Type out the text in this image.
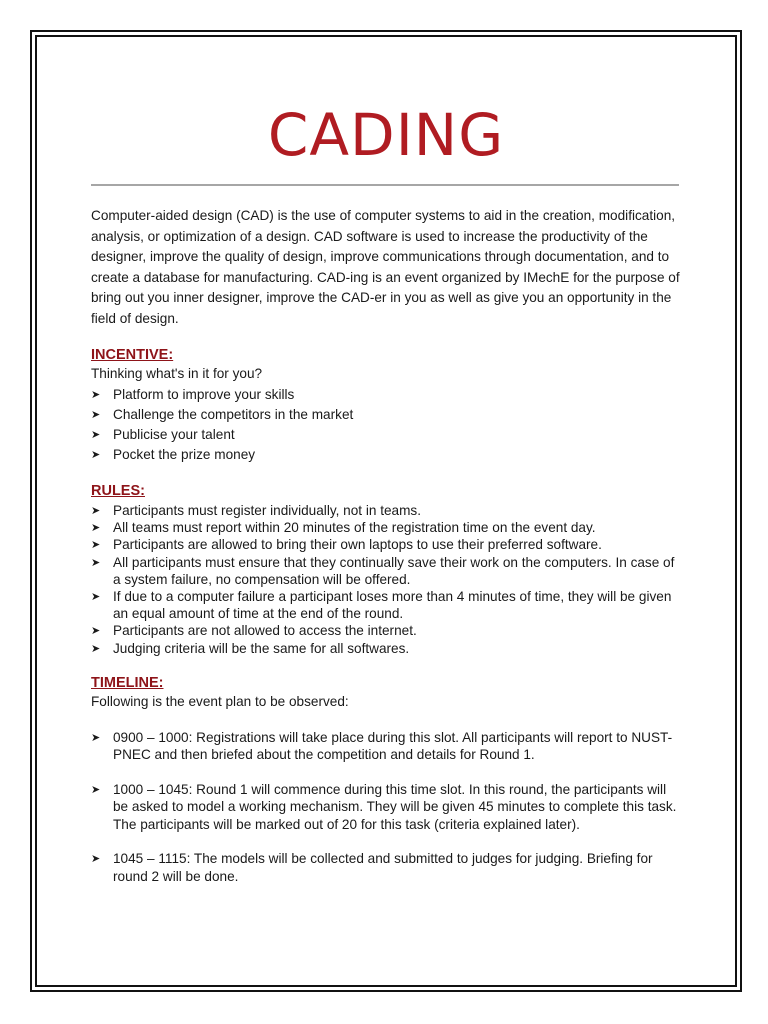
CADING

Computer-aided design (CAD) is the use of computer systems to aid in the creation, modification, analysis, or optimization of a design. CAD software is used to increase the productivity of the designer, improve the quality of design, improve communications through documentation, and to create a database for manufacturing. CAD-ing is an event organized by IMechE for the purpose of bring out you inner designer, improve the CAD-er in you as well as give you an opportunity in the field of design.

INCENTIVE:

Thinking what's in it for you?

➤ Platform to improve your skills
➤ Challenge the competitors in the market
➤ Publicise your talent
➤ Pocket the prize money
RULES:
➤ Participants must register individually, not in teams.
➤ All teams must report within 20 minutes of the registration time on the event day.
➤ Participants are allowed to bring their own laptops to use their preferred software.
➤ All participants must ensure that they continually save their work on the computers. In case of a system failure, no compensation will be offered.
➤ If due to a computer failure a participant loses more than 4 minutes of time, they will be given an equal amount of time at the end of the round.
➤ Participants are not allowed to access the internet.
➤ Judging criteria will be the same for all softwares.
TIMELINE:

Following is the event plan to be observed:

➤ 0900 – 1000: Registrations will take place during this slot. All participants will report to NUST-PNEC and then briefed about the competition and details for Round 1.
➤ 1000 – 1045: Round 1 will commence during this time slot. In this round, the participants will be asked to model a working mechanism. They will be given 45 minutes to complete this task. The participants will be marked out of 20 for this task (criteria explained later).
➤ 1045 – 1115: The models will be collected and submitted to judges for judging. Briefing for round 2 will be done.
